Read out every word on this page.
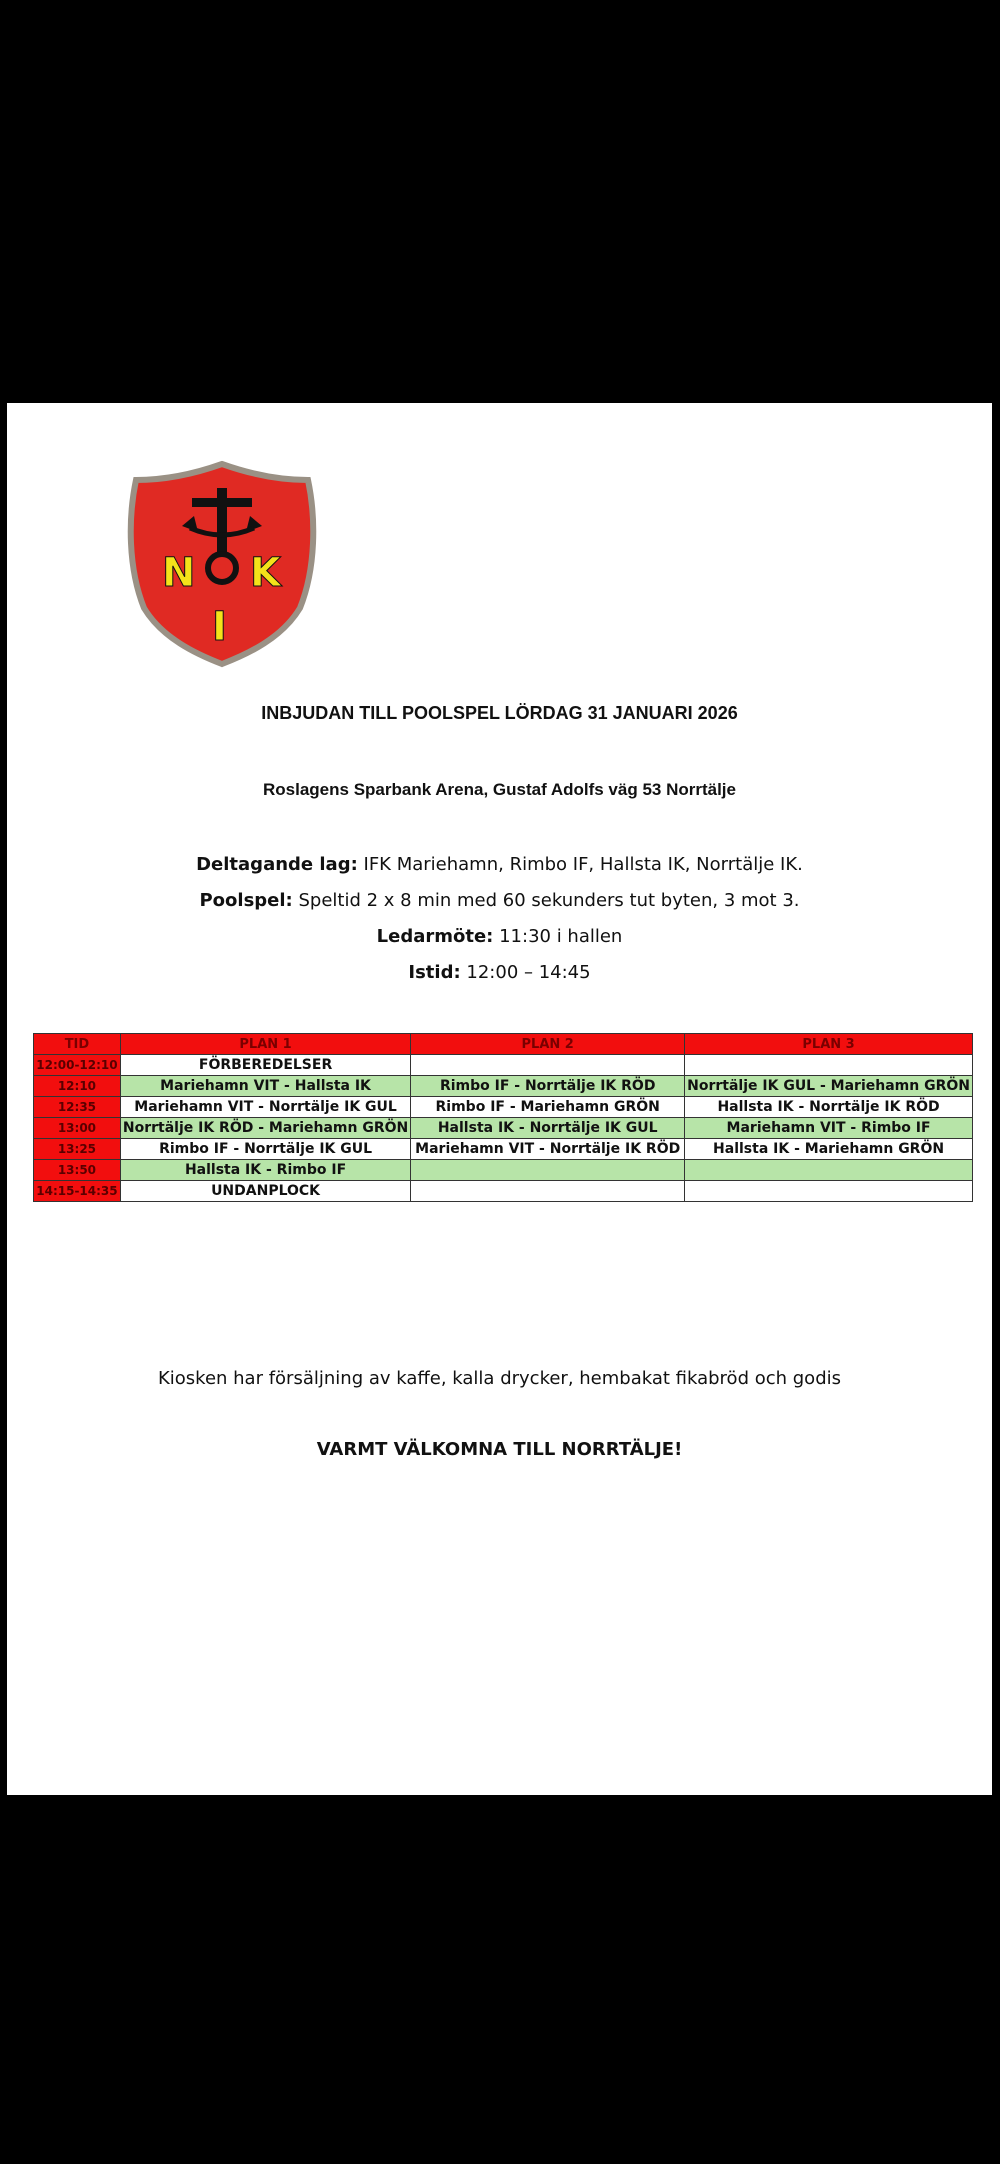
N K
I
INBJUDAN TILL POOLSPEL LÖRDAG 31 JANUARI 2026
Roslagens Sparbank Arena, Gustaf Adolfs väg 53 Norrtälje
Deltagande lag: IFK Mariehamn, Rimbo IF, Hallsta IK, Norrtälje IK.
Poolspel: Speltid 2 x 8 min med 60 sekunders tut byten, 3 mot 3.
Ledarmöte: 11:30 i hallen
Istid: 12:00 – 14:45
TID	PLAN 1	PLAN 2	PLAN 3
12:00-12:10	FÖRBEREDELSER		
12:10	Mariehamn VIT - Hallsta IK	Rimbo IF - Norrtälje IK RÖD	Norrtälje IK GUL - Mariehamn GRÖN
12:35	Mariehamn VIT - Norrtälje IK GUL	Rimbo IF - Mariehamn GRÖN	Hallsta IK - Norrtälje IK RÖD
13:00	Norrtälje IK RÖD - Mariehamn GRÖN	Hallsta IK - Norrtälje IK GUL	Mariehamn VIT - Rimbo IF
13:25	Rimbo IF - Norrtälje IK GUL	Mariehamn VIT - Norrtälje IK RÖD	Hallsta IK - Mariehamn GRÖN
13:50	Hallsta IK - Rimbo IF		
14:15-14:35	UNDANPLOCK		
Kiosken har försäljning av kaffe, kalla drycker, hembakat fikabröd och godis
VARMT VÄLKOMNA TILL NORRTÄLJE!
